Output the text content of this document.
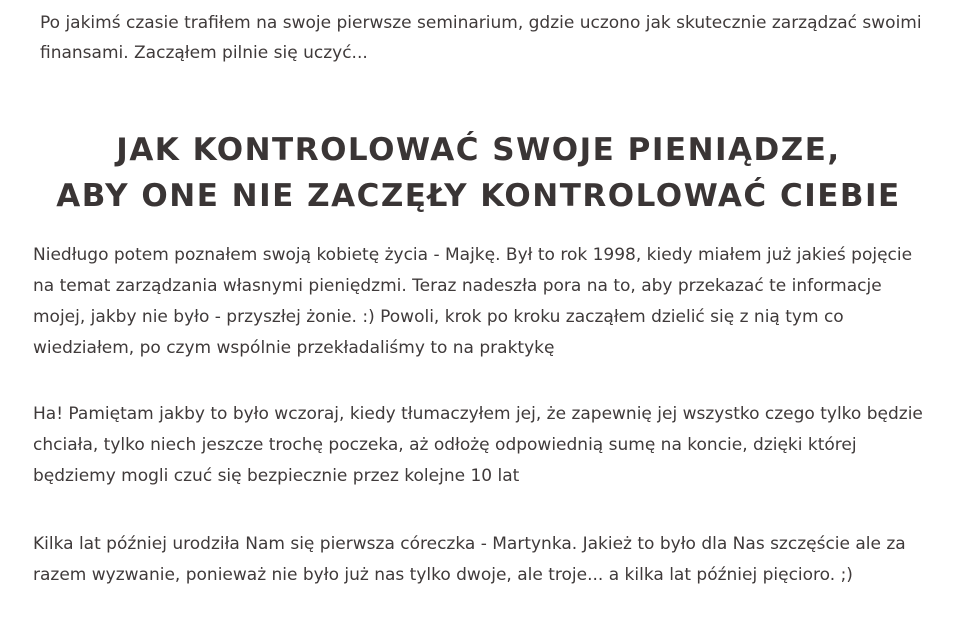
Po jakimś czasie trafiłem na swoje pierwsze seminarium, gdzie uczono jak skutecznie zarządzać swoimi finansami. Zacząłem pilnie się uczyć...

JAK KONTROLOWAĆ SWOJE PIENIĄDZE,
ABY ONE NIE ZACZĘŁY KONTROLOWAĆ CIEBIE

Niedługo potem poznałem swoją kobietę życia - Majkę. Był to rok 1998, kiedy miałem już jakieś pojęcie na temat zarządzania własnymi pieniędzmi. Teraz nadeszła pora na to, aby przekazać te informacje mojej, jakby nie było - przyszłej żonie. :) Powoli, krok po kroku zacząłem dzielić się z nią tym co wiedziałem, po czym wspólnie przekładaliśmy to na praktykę

Ha! Pamiętam jakby to było wczoraj, kiedy tłumaczyłem jej, że zapewnię jej wszystko czego tylko będzie chciała, tylko niech jeszcze trochę poczeka, aż odłożę odpowiednią sumę na koncie, dzięki której będziemy mogli czuć się bezpiecznie przez kolejne 10 lat

Kilka lat później urodziła Nam się pierwsza córeczka - Martynka. Jakież to było dla Nas szczęście ale za razem wyzwanie, ponieważ nie było już nas tylko dwoje, ale troje... a kilka lat później pięcioro. ;)
